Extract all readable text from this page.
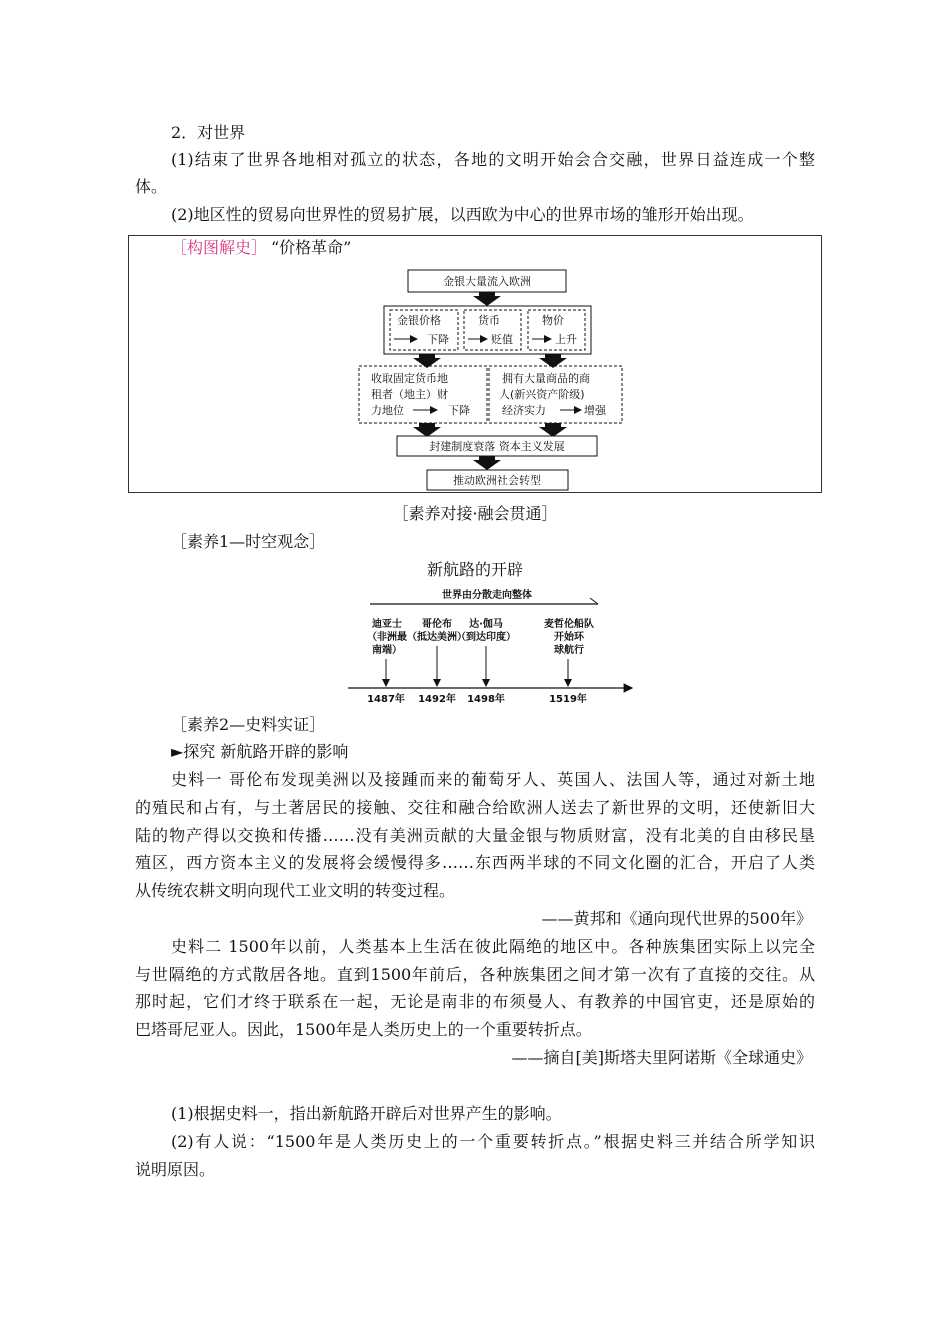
2．对世界
(1)结束了世界各地相对孤立的状态，各地的文明开始会合交融，世界日益连成一个整
体。
(2)地区性的贸易向世界性的贸易扩展，以西欧为中心的世界市场的雏形开始出现。
［构图解史］ “价格革命”
金银大量流入欧洲
金银价格
下降
货币
贬值
物价
上升
收取固定货币地
租者（地主）财
力地位	下降
拥有大量商品的商
人(新兴资产阶级)
经济实力	增强
封建制度衰落 资本主义发展
推动欧洲社会转型
世界由分散走向整体
迪亚士
（非洲最
南端）
1487年
哥伦布
（抵达美洲）
1492年
达·伽马
（到达印度）
1498年
麦哲伦船队
开始环
球航行
1519年
［素养对接·融会贯通］
［素养1—时空观念］
新航路的开辟
［素养2—史料实证］
►探究 新航路开辟的影响
史料一 哥伦布发现美洲以及接踵而来的葡萄牙人、英国人、法国人等，通过对新土地
的殖民和占有，与土著居民的接触、交往和融合给欧洲人送去了新世界的文明，还使新旧大
陆的物产得以交换和传播……没有美洲贡献的大量金银与物质财富，没有北美的自由移民垦
殖区，西方资本主义的发展将会缓慢得多……东西两半球的不同文化圈的汇合，开启了人类
从传统农耕文明向现代工业文明的转变过程。
——黄邦和《通向现代世界的500年》
史料二 1500年以前，人类基本上生活在彼此隔绝的地区中。各种族集团实际上以完全
与世隔绝的方式散居各地。直到1500年前后，各种族集团之间才第一次有了直接的交往。从
那时起，它们才终于联系在一起，无论是南非的布须曼人、有教养的中国官吏，还是原始的
巴塔哥尼亚人。因此，1500年是人类历史上的一个重要转折点。
——摘自[美]斯塔夫里阿诺斯《全球通史》
(1)根据史料一，指出新航路开辟后对世界产生的影响。
(2)有人说：“1500年是人类历史上的一个重要转折点。”根据史料三并结合所学知识
说明原因。
